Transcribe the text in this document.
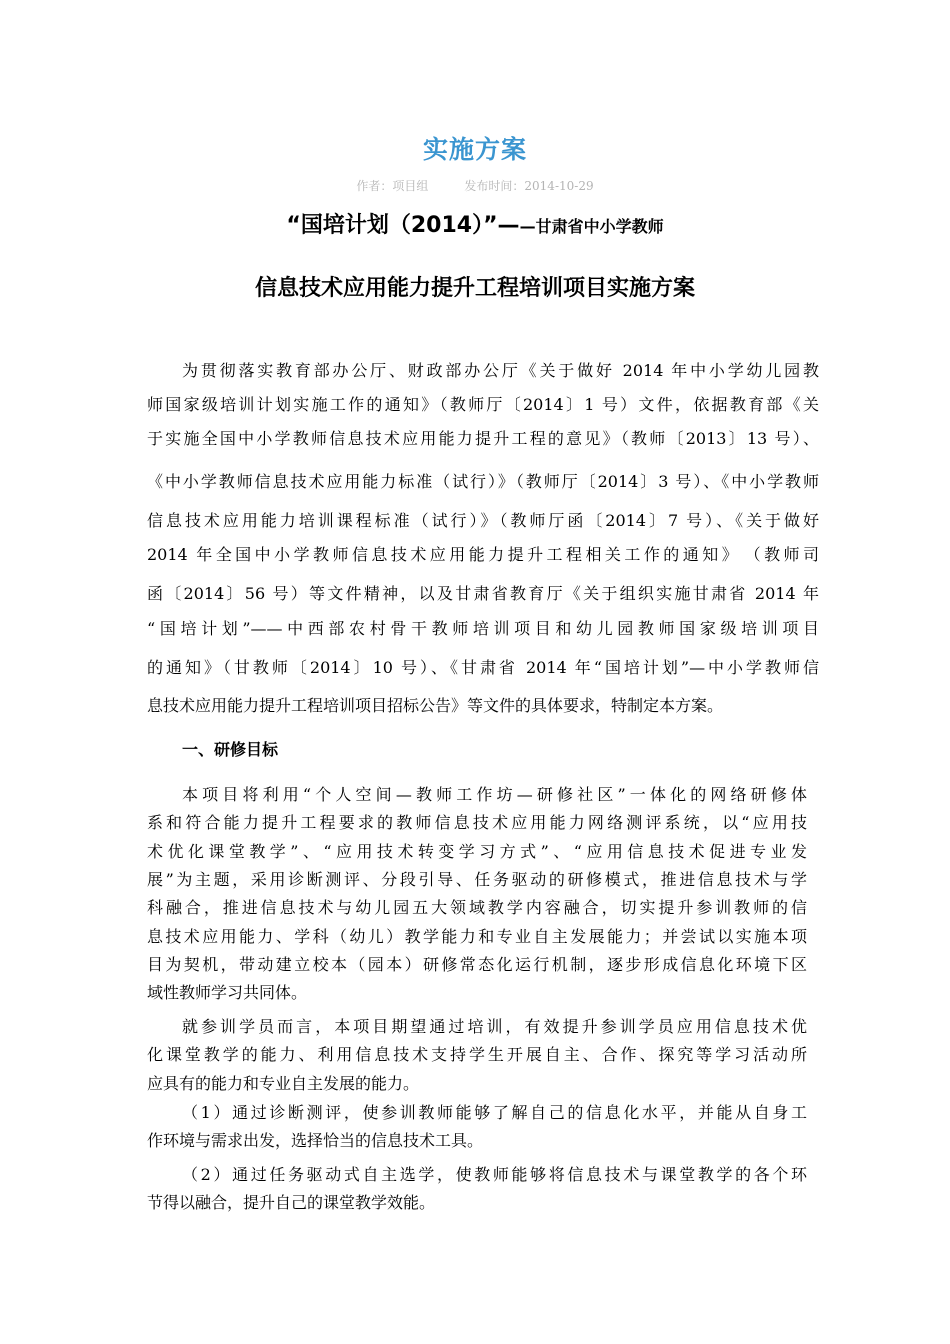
实施方案
作者：项目组	发布时间：2014-10-29
“国培计划（2014）”——甘肃省中小学教师
信息技术应用能力提升工程培训项目实施方案

为贯彻落实教育部办公厅、财政部办公厅《关于做好 2014 年中小学幼儿园教

师国家级培训计划实施工作的通知》（教师厅〔2014〕1 号）文件，依据教育部《关

于实施全国中小学教师信息技术应用能力提升工程的意见》（教师〔2013〕13 号）、

《中小学教师信息技术应用能力标准（试行）》（教师厅〔2014〕3 号）、《中小学教师

信息技术应用能力培训课程标准（试行）》（教师厅函〔2014〕7 号）、《关于做好

2014 年全国中小学教师信息技术应用能力提升工程相关工作的通知》　（教师司

函〔2014〕56 号）等文件精神，以及甘肃省教育厅《关于组织实施甘肃省 2014 年

“国培计划”——中西部农村骨干教师培训项目和幼儿园教师国家级培训项目

的通知》（甘教师〔2014〕10 号）、《甘肃省 2014 年“国培计划”—中小学教师信

息技术应用能力提升工程培训项目招标公告》等文件的具体要求，特制定本方案。

一、研修目标

本项目将利用“个人空间—教师工作坊—研修社区”一体化的网络研修体

系和符合能力提升工程要求的教师信息技术应用能力网络测评系统，以“应用技

术优化课堂教学”、“应用技术转变学习方式”、“应用信息技术促进专业发

展”为主题，采用诊断测评、分段引导、任务驱动的研修模式，推进信息技术与学

科融合，推进信息技术与幼儿园五大领域教学内容融合，切实提升参训教师的信

息技术应用能力、学科（幼儿）教学能力和专业自主发展能力；并尝试以实施本项

目为契机，带动建立校本（园本）研修常态化运行机制，逐步形成信息化环境下区

域性教师学习共同体。

就参训学员而言，本项目期望通过培训，有效提升参训学员应用信息技术优

化课堂教学的能力、利用信息技术支持学生开展自主、合作、探究等学习活动所

应具有的能力和专业自主发展的能力。

（1）通过诊断测评，使参训教师能够了解自己的信息化水平，并能从自身工

作环境与需求出发，选择恰当的信息技术工具。

（2）通过任务驱动式自主选学，使教师能够将信息技术与课堂教学的各个环

节得以融合，提升自己的课堂教学效能。
